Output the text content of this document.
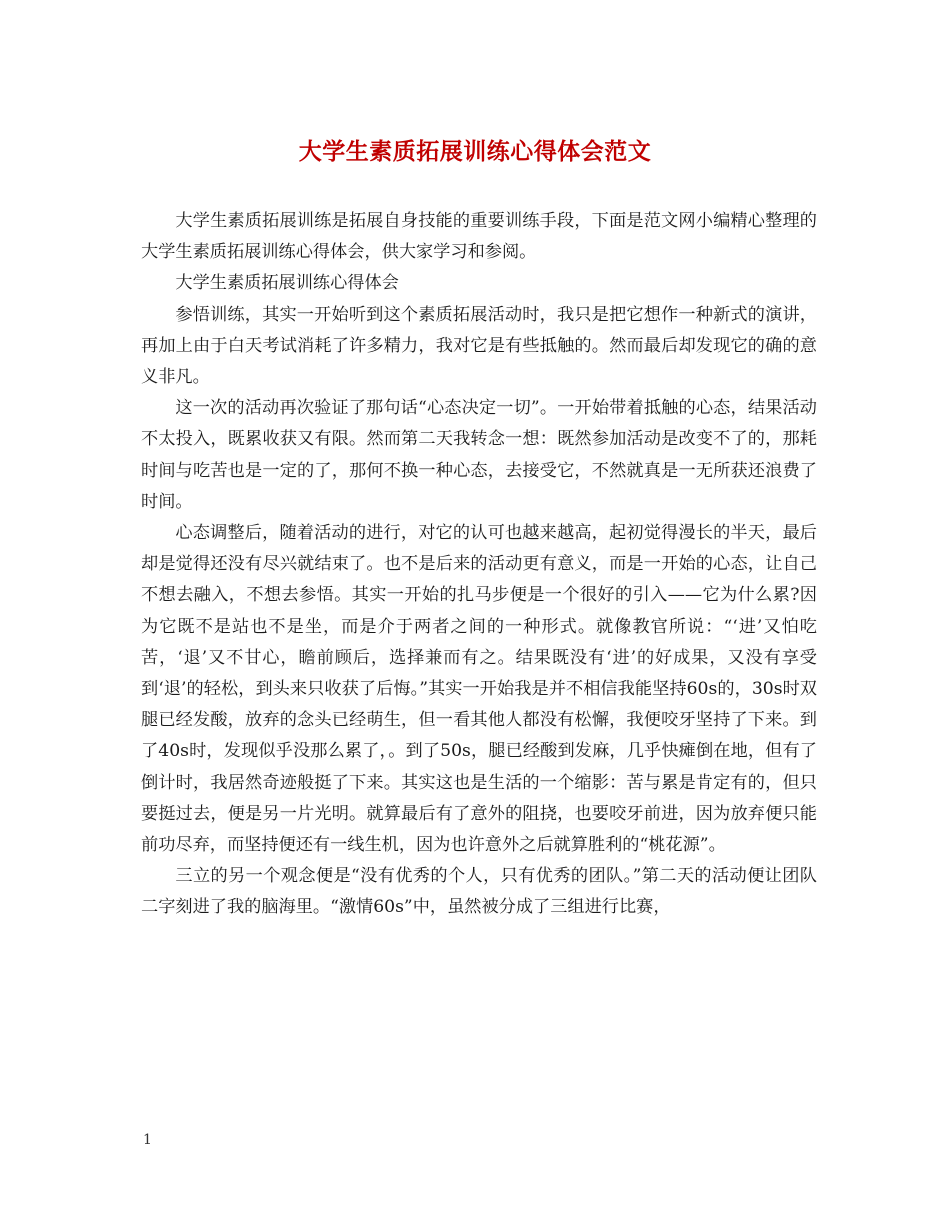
大学生素质拓展训练心得体会范文

大学生素质拓展训练是拓展自身技能的重要训练手段，下面是范文网小编精心整理的大学生素质拓展训练心得体会，供大家学习和参阅。

大学生素质拓展训练心得体会

参悟训练，其实一开始听到这个素质拓展活动时，我只是把它想作一种新式的演讲，再加上由于白天考试消耗了许多精力，我对它是有些抵触的。然而最后却发现它的确的意义非凡。

这一次的活动再次验证了那句话“心态决定一切”。一开始带着抵触的心态，结果活动不太投入，既累收获又有限。然而第二天我转念一想：既然参加活动是改变不了的，那耗时间与吃苦也是一定的了，那何不换一种心态，去接受它，不然就真是一无所获还浪费了时间。

心态调整后，随着活动的进行，对它的认可也越来越高，起初觉得漫长的半天，最后却是觉得还没有尽兴就结束了。也不是后来的活动更有意义，而是一开始的心态，让自己不想去融入，不想去参悟。其实一开始的扎马步便是一个很好的引入——它为什么累?因为它既不是站也不是坐，而是介于两者之间的一种形式。就像教官所说：“‘进’又怕吃苦，‘退’又不甘心，瞻前顾后，选择兼而有之。结果既没有‘进’的好成果，又没有享受到‘退’的轻松，到头来只收获了后悔。”其实一开始我是并不相信我能坚持60s的，30s时双腿已经发酸，放弃的念头已经萌生，但一看其他人都没有松懈，我便咬牙坚持了下来。到了40s时，发现似乎没那么累了，。到了50s，腿已经酸到发麻，几乎快瘫倒在地，但有了倒计时，我居然奇迹般挺了下来。其实这也是生活的一个缩影：苦与累是肯定有的，但只要挺过去，便是另一片光明。就算最后有了意外的阻挠，也要咬牙前进，因为放弃便只能前功尽弃，而坚持便还有一线生机，因为也许意外之后就算胜利的“桃花源”。

三立的另一个观念便是“没有优秀的个人，只有优秀的团队。”第二天的活动便让团队二字刻进了我的脑海里。“激情60s”中，虽然被分成了三组进行比赛，

1
